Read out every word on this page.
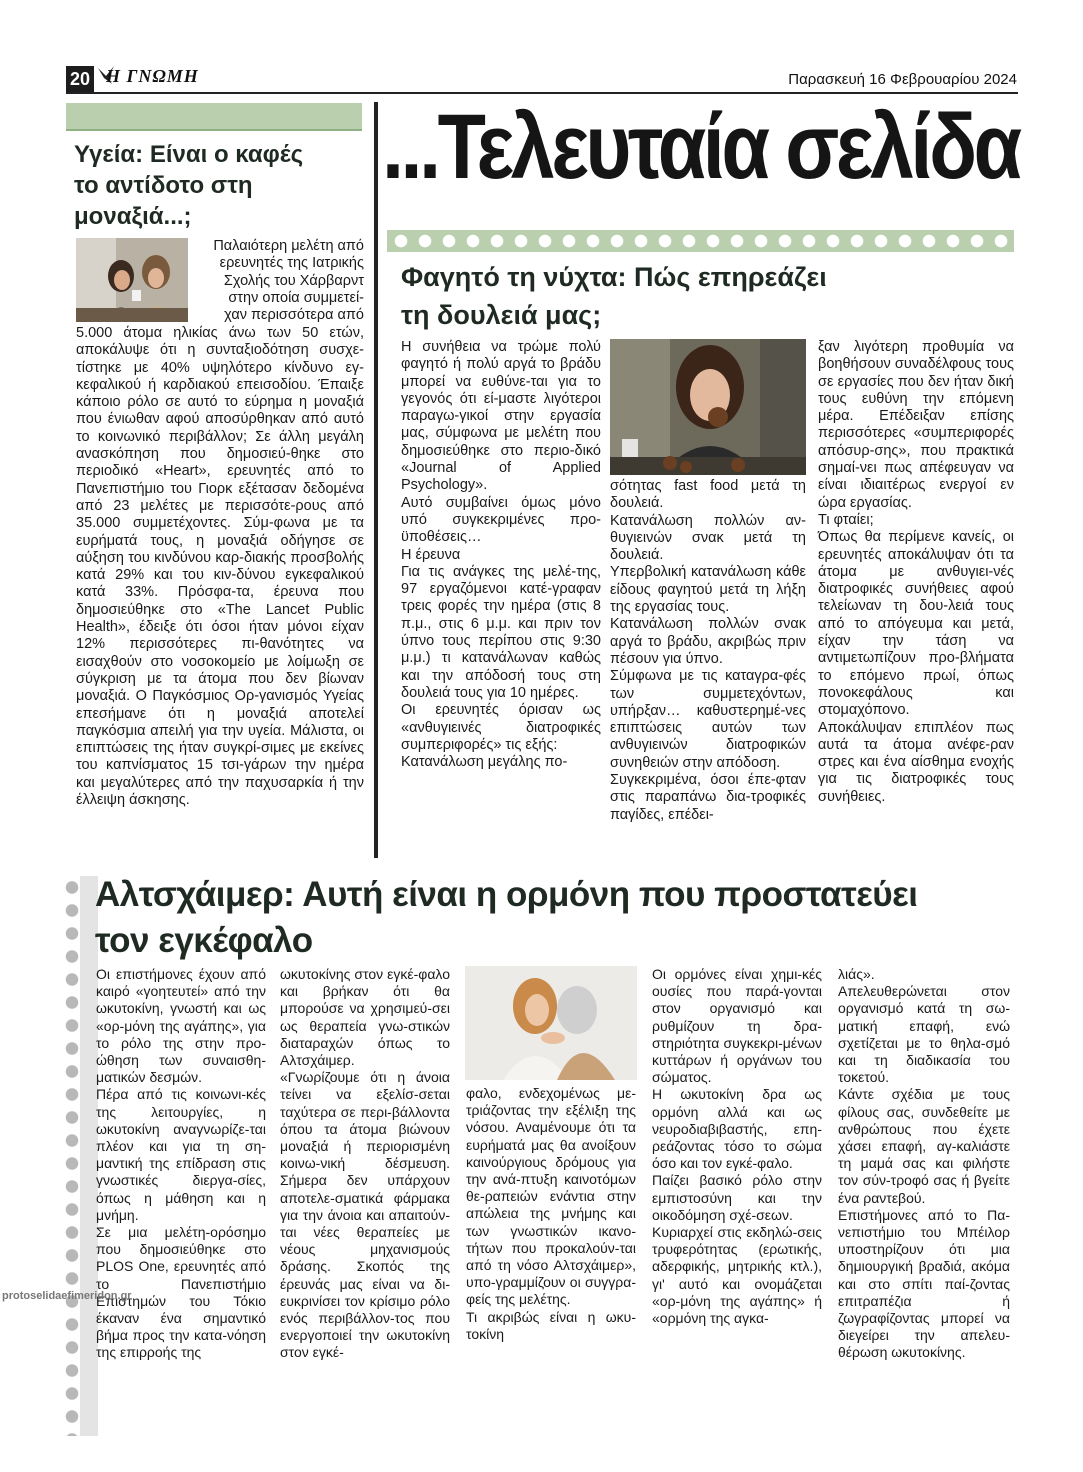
20 Η ΓΝΩΜΗ	Παρασκευή 16 Φεβρουαρίου 2024
Υγεία: Είναι ο καφές
το αντίδοτο στη
μοναξιά...;

Παλαιότερη μελέτη από

ερευνητές της Ιατρικής

Σχολής του Χάρβαρντ

στην οποία συμμετεί-

χαν περισσότερα από

5.000 άτομα ηλικίας άνω των 50 ετών, αποκάλυψε ότι η συνταξιοδότηση συσχε-τίστηκε με 40% υψηλότερο κίνδυνο εγ-κεφαλικού ή καρδιακού επεισοδίου. Έπαιξε κάποιο ρόλο σε αυτό το εύρημα η μοναξιά που ένιωθαν αφού αποσύρθηκαν από αυτό το κοινωνικό περιβάλλον; Σε άλλη μεγάλη ανασκόπηση που δημοσιεύ-θηκε στο περιοδικό «Heart», ερευνητές από το Πανεπιστήμιο του Γιορκ εξέτασαν δεδομένα από 23 μελέτες με περισσότε-ρους από 35.000 συμμετέχοντες. Σύμ-φωνα με τα ευρήματά τους, η μοναξιά οδήγησε σε αύξηση του κινδύνου καρ-διακής προσβολής κατά 29% και του κιν-δύνου εγκεφαλικού κατά 33%. Πρόσφα-τα, έρευνα που δημοσιεύθηκε στο «The Lancet Public Health», έδειξε ότι όσοι ήταν μόνοι είχαν 12% περισσότερες πι-θανότητες να εισαχθούν στο νοσοκομείο με λοίμωξη σε σύγκριση με τα άτομα που δεν βίωναν μοναξιά. Ο Παγκόσμιος Ορ-γανισμός Υγείας επεσήμανε ότι η μοναξιά αποτελεί παγκόσμια απειλή για την υγεία. Μάλιστα, οι επιπτώσεις της ήταν συγκρί-σιμες με εκείνες του καπνίσματος 15 τσι-γάρων την ημέρα και μεγαλύτερες από την παχυσαρκία ή την έλλειψη άσκησης.

...Τελευταία σελίδα
Φαγητό τη νύχτα: Πώς επηρεάζει
τη δουλειά μας;

Η συνήθεια να τρώμε πολύ φαγητό ή πολύ αργά το βράδυ μπορεί να ευθύνε-ται για το γεγονός ότι εί-μαστε λιγότεροι παραγω-γικοί στην εργασία μας, σύμφωνα με μελέτη που δημοσιεύθηκε στο περιο-δικό «Journal of Applied Psychology».

Αυτό συμβαίνει όμως μόνο υπό συγκεκριμένες προ-ϋποθέσεις…

Η έρευνα

Για τις ανάγκες της μελέ-της, 97 εργαζόμενοι κατέ-γραφαν τρεις φορές την ημέρα (στις 8 π.μ., στις 6 μ.μ. και πριν τον ύπνο τους περίπου στις 9:30 μ.μ.) τι κατανάλωναν καθώς και την απόδοσή τους στη δουλειά τους για 10 ημέρες.

Οι ερευνητές όρισαν ως «ανθυγιεινές διατροφικές συμπεριφορές» τις εξής:

Κατανάλωση μεγάλης πο-

σότητας fast food μετά τη δουλειά.

Κατανάλωση πολλών αν-θυγιεινών σνακ μετά τη δουλειά.

Υπερβολική κατανάλωση κάθε είδους φαγητού μετά τη λήξη της εργασίας τους.

Κατανάλωση πολλών σνακ αργά το βράδυ, ακριβώς πριν πέσουν για ύπνο.

Σύμφωνα με τις καταγρα-φές των συμμετεχόντων, υπήρξαν… καθυστερημέ-νες επιπτώσεις αυτών των ανθυγιεινών διατροφικών συνηθειών στην απόδοση.

Συγκεκριμένα, όσοι έπε-φταν στις παραπάνω δια-τροφικές παγίδες, επέδει-

ξαν λιγότερη προθυμία να βοηθήσουν συναδέλφους τους σε εργασίες που δεν ήταν δική τους ευθύνη την επόμενη μέρα. Επέδειξαν επίσης περισσότερες «συμπεριφορές απόσυρ-σης», που πρακτικά σημαί-νει πως απέφευγαν να είναι ιδιαιτέρως ενεργοί εν ώρα εργασίας.

Τι φταίει;

Όπως θα περίμενε κανείς, οι ερευνητές αποκάλυψαν ότι τα άτομα με ανθυγιει-νές διατροφικές συνήθειες αφού τελείωναν τη δου-λειά τους από το απόγευμα και μετά, είχαν την τάση να αντιμετωπίζουν προ-βλήματα το επόμενο πρωί, όπως πονοκεφάλους και στομαχόπονο.

Αποκάλυψαν επιπλέον πως αυτά τα άτομα ανέφε-ραν στρες και ένα αίσθημα ενοχής για τις διατροφικές τους συνήθειες.

Αλτσχάιμερ: Αυτή είναι η ορμόνη που προστατεύει
τον εγκέφαλο

Οι επιστήμονες έχουν από καιρό «γοητευτεί» από την ωκυτοκίνη, γνωστή και ως «ορ-μόνη της αγάπης», για το ρόλο της στην προ-ώθηση των συναισθη-ματικών δεσμών.

Πέρα από τις κοινωνι-κές της λειτουργίες, η ωκυτοκίνη αναγνωρίζε-ται πλέον και για τη ση-μαντική της επίδραση στις γνωστικές διεργα-σίες, όπως η μάθηση και η μνήμη.

Σε μια μελέτη-ορόσημο που δημοσιεύθηκε στο PLOS One, ερευνητές από το Πανεπιστήμιο Επιστημών του Τόκιο έκαναν ένα σημαντικό βήμα προς την κατα-νόηση της επιρροής της

ωκυτοκίνης στον εγκέ-φαλο και βρήκαν ότι θα μπορούσε να χρησιμεύ-σει ως θεραπεία γνω-στικών διαταραχών όπως το Αλτσχάιμερ.

«Γνωρίζουμε ότι η άνοια τείνει να εξελίσ-σεται ταχύτερα σε περι-βάλλοντα όπου τα άτομα βιώνουν μοναξιά ή περιορισμένη κοινω-νική δέσμευση. Σήμερα δεν υπάρχουν αποτελε-σματικά φάρμακα για την άνοια και απαιτούν-ται νέες θεραπείες με νέους μηχανισμούς δράσης. Σκοπός της έρευνάς μας είναι να δι-ευκρινίσει τον κρίσιμο ρόλο ενός περιβάλλον-τος που ενεργοποιεί την ωκυτοκίνη στον εγκέ-

φαλο, ενδεχομένως με-τριάζοντας την εξέλιξη της νόσου. Αναμένουμε ότι τα ευρήματά μας θα ανοίξουν καινούργιους δρόμους για την ανά-πτυξη καινοτόμων θε-ραπειών ενάντια στην απώλεια της μνήμης και των γνωστικών ικανο-τήτων που προκαλούν-ται από τη νόσο Αλτσχάιμερ», υπο-γραμμίζουν οι συγγρα-φείς της μελέτης.

Τι ακριβώς είναι η ωκυ-τοκίνη

Οι ορμόνες είναι χημι-κές ουσίες που παρά-γονται στον οργανισμό και ρυθμίζουν τη δρα-στηριότητα συγκεκρι-μένων κυττάρων ή οργάνων του σώματος.

Η ωκυτοκίνη δρα ως ορμόνη αλλά και ως νευροδιαβιβαστής, επη-ρεάζοντας τόσο το σώμα όσο και τον εγκέ-φαλο.

Παίζει βασικό ρόλο στην εμπιστοσύνη και την οικοδόμηση σχέ-σεων.

Κυριαρχεί στις εκδηλώ-σεις τρυφερότητας (ερωτικής, αδερφικής, μητρικής κτλ.), γι' αυτό και ονομάζεται «ορ-μόνη της αγάπης» ή «ορμόνη της αγκα-

λιάς».

Απελευθερώνεται στον οργανισμό κατά τη σω-ματική επαφή, ενώ σχετίζεται με το θηλα-σμό και τη διαδικασία του τοκετού.

Κάντε σχέδια με τους φίλους σας, συνδεθείτε με ανθρώπους που έχετε χάσει επαφή, αγ-καλιάστε τη μαμά σας και φιλήστε τον σύν-τροφό σας ή βγείτε ένα ραντεβού.

Επιστήμονες από το Πα-νεπιστήμιο του Μπέιλορ υποστηρίζουν ότι μια δημιουργική βραδιά, ακόμα και στο σπίτι παί-ζοντας επιτραπέζια ή ζωγραφίζοντας μπορεί να διεγείρει την απελευ-θέρωση ωκυτοκίνης.

protoselidaefimeridon.gr
